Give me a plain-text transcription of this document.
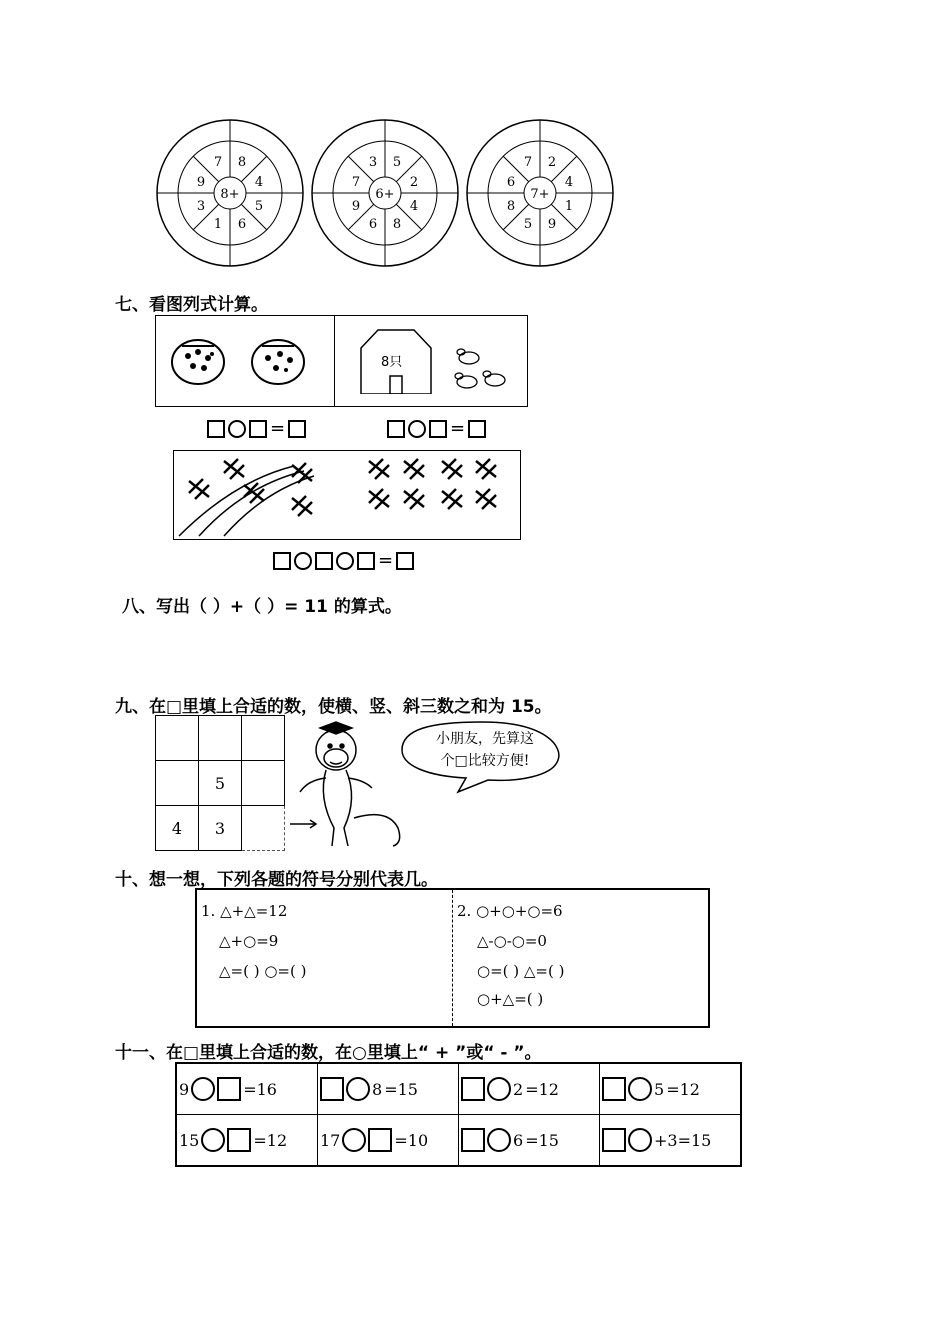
8+
7 8
4
5
6
1
3
9
6+
3 5
2
4
8
6
9
7
7+
7 2
4
1
9
5
8
6
七、看图列式计算。
8只
=	=
=
八、写出（ ）+（ ）= 11 的算式。
九、在□里填上合适的数，使横、竖、斜三数之和为 15。

	5	
4	3	
小朋友，先算这
个□比较方便!
十、想一想，下列各题的符号分别代表几。
1. △+△=12
△+○=9
△=( ) ○=( )
2. ○+○+○=6
△-○-○=0
○=( ) △=( )
○+△=( )
十一、在□里填上合适的数，在○里填上“ + ”或“ - ”。
9 =16	8 =15	2 =12	5 =12

15 =12	17 =10	6 =15	+3=15
